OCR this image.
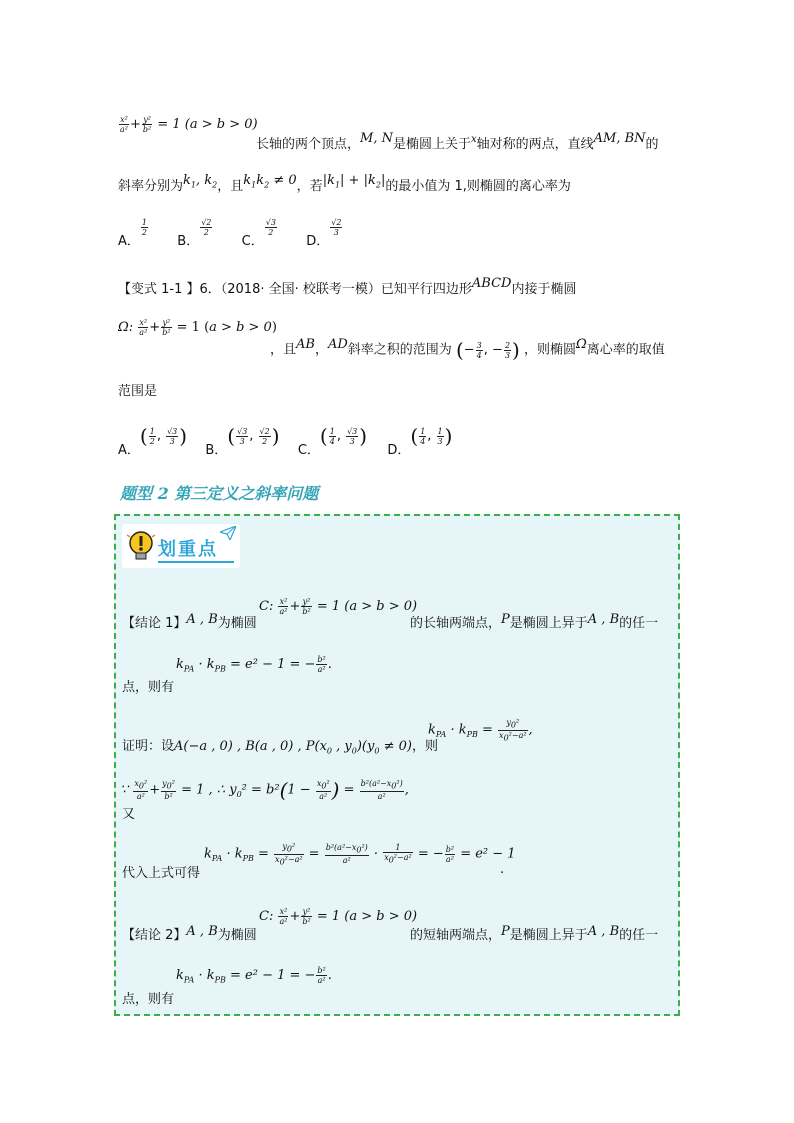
$\frac{\text{x²}}{\text{a²}} + \frac{\text{y²}}{\text{b²}} = 1$ (a > b > 0)
长轴的两个顶点，M, N是椭圆上关于$^x$轴对称的两点，直线AM, BN的
斜率分别为$k_1$, $k_2$，且$k_1k_2 \ne 0$，若$|k_1| + |k_2|$的最小值为 1,则椭圆的离心率为
A．
$\frac{1}{2}$
B．
$\frac{√2}{2}$
C．
$\frac{√3}{2}$
D．
$\frac{√2}{3}$
【变式 1-1 】6．（2018· 全国· 校联考一模）已知平行四边形ABCD内接于椭圆
Ω: $\frac{\text{x²}}{\text{a²}} + \frac{\text{y²}}{\text{b²}} = 1$ (a > b > 0)
，且AB，AD斜率之积的范围为 (− $\frac{3}{4}$ , − $\frac{2}{3}$ ) ，则椭圆Ω离心率的取值
范围是
A．( $\frac{1}{2}$ , $\frac{√3}{3}$ )  B．( $\frac{√3}{3}$ , $\frac{√2}{2}$ )  C．( $\frac{1}{4}$ , $\frac{√3}{3}$ )  D．( $\frac{1}{4}$ , $\frac{1}{3}$ )
题型 2 第三定义之斜率问题
划重点
【结论 1】A , B为椭圆
C: $\frac{\text{x²}}{\text{a²}} + \frac{\text{y²}}{\text{b²}} = 1$ (a > b > 0)
的长轴两端点，P是椭圆上异于A , B的任一
点，则有
$k_{PA} \cdot k_{PB} = e^2 - 1$ = − $\frac{\text{b²}}{\text{a²}}$ .
证明：设A(−a , 0) , B(a , 0) , $P(x_0$ , $y_0)(y_0 \ne 0)$，则
$k_{PA} \cdot k_{PB} = \frac{y_0^2}{x_0^2-a^2}$ ,
又
∵ $\frac{x_0^2}{\text{a²}} + \frac{y_0^2}{\text{b²}} = 1$ , ∴ $y_0^2 = b^2(1 - \frac{x_0^2}{\text{a²}}$ ) = $\frac{b^2(a^2-x_0^2)}{\text{a²}}$ ,
代入上式可得
$k_{PA} \cdot k_{PB} = \frac{y_0^2}{x_0^2-a^2} = \frac{b^2(a^2-x_0^2)}{\text{a²}} \cdot \frac{1}{x_0^2-a^2}$ = − $\frac{\text{b²}}{\text{a²}} = e^2 - 1$
.
【结论 2】A , B为椭圆
C: $\frac{\text{x²}}{\text{a²}} + \frac{\text{y²}}{\text{b²}} = 1$ (a > b > 0)
的短轴两端点，P是椭圆上异于A , B的任一
点，则有
$k_{PA} \cdot k_{PB} = e^2 - 1$ = − $\frac{\text{b²}}{\text{a²}}$ .
